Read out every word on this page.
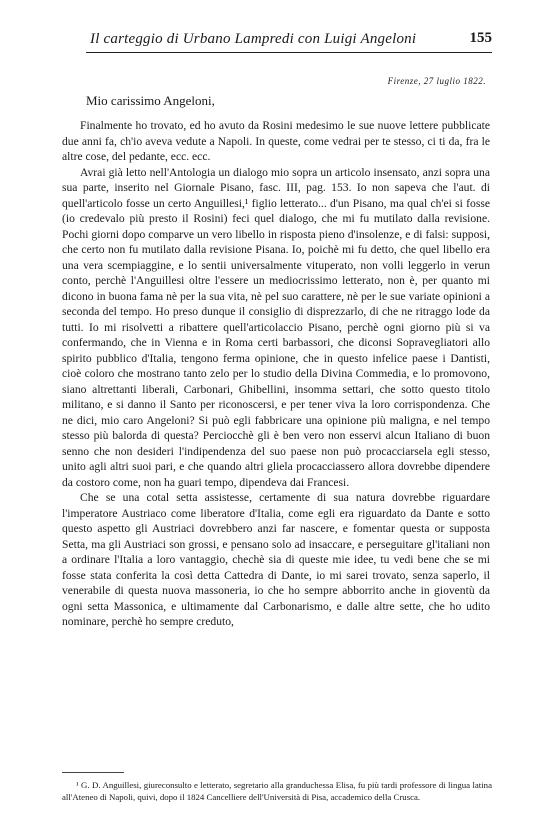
Il carteggio di Urbano Lampredi con Luigi Angeloni	155
Firenze, 27 luglio 1822.
Mio carissimo Angeloni,

Finalmente ho trovato, ed ho avuto da Rosini medesimo le sue nuove lettere pubblicate due anni fa, ch'io aveva vedute a Napoli. In queste, come vedrai per te stesso, ci ti da, fra le altre cose, del pedante, ecc. ecc.

Avrai già letto nell'Antologia un dialogo mio sopra un articolo insensato, anzi sopra una sua parte, inserito nel Giornale Pisano, fasc. III, pag. 153. Io non sapeva che l'aut. di quell'articolo fosse un certo Anguillesi,¹ figlio letterato... d'un Pisano, ma qual ch'ei si fosse (io credevalo più presto il Rosini) feci quel dialogo, che mi fu mutilato dalla revisione. Pochi giorni dopo comparve un vero libello in risposta pieno d'insolenze, e di falsi: supposi, che certo non fu mutilato dalla revisione Pisana. Io, poichè mi fu detto, che quel libello era una vera scempiaggine, e lo sentii universalmente vituperato, non volli leggerlo in verun conto, perchè l'Anguillesi oltre l'essere un mediocrissimo letterato, non è, per quanto mi dicono in buona fama nè per la sua vita, nè pel suo carattere, nè per le sue variate opinioni a seconda del tempo. Ho preso dunque il consiglio di disprezzarlo, di che ne ritraggo lode da tutti. Io mi risolvetti a ribattere quell'articolaccio Pisano, perchè ogni giorno più si va confermando, che in Vienna e in Roma certi barbassori, che diconsi Sopravegliatori allo spirito pubblico d'Italia, tengono ferma opinione, che in questo infelice paese i Dantisti, cioè coloro che mostrano tanto zelo per lo studio della Divina Commedia, e lo promovono, siano altrettanti liberali, Carbonari, Ghibellini, insomma settari, che sotto questo titolo militano, e si danno il Santo per riconoscersi, e per tener viva la loro corrispondenza. Che ne dici, mio caro Angeloni? Si può egli fabbricare una opinione più maligna, e nel tempo stesso più balorda di questa? Perciocchè gli è ben vero non esservi alcun Italiano di buon senno che non desideri l'indipendenza del suo paese non può procacciarsela egli stesso, unito agli altri suoi pari, e che quando altri gliela procacciassero allora dovrebbe dipendere da costoro come, non ha guari tempo, dipendeva dai Francesi.

Che se una cotal setta assistesse, certamente di sua natura dovrebbe riguardare l'imperatore Austriaco come liberatore d'Italia, come egli era riguardato da Dante e sotto questo aspetto gli Austriaci dovrebbero anzi far nascere, e fomentar questa or supposta Setta, ma gli Austriaci son grossi, e pensano solo ad insaccare, e perseguitare gl'italiani non a ordinare l'Italia a loro vantaggio, chechè sia di queste mie idee, tu vedi bene che se mi fosse stata conferita la così detta Cattedra di Dante, io mi sarei trovato, senza saperlo, il venerabile di questa nuova massoneria, io che ho sempre abborrito anche in gioventù da ogni setta Massonica, e ultimamente dal Carbonarismo, e dalle altre sette, che ho udito nominare, perchè ho sempre creduto,

¹ G. D. Anguillesi, giureconsulto e letterato, segretario alla granduchessa Elisa, fu più tardi professore di lingua latina all'Ateneo di Napoli, quivi, dopo il 1824 Cancelliere dell'Università di Pisa, accademico della Crusca.
